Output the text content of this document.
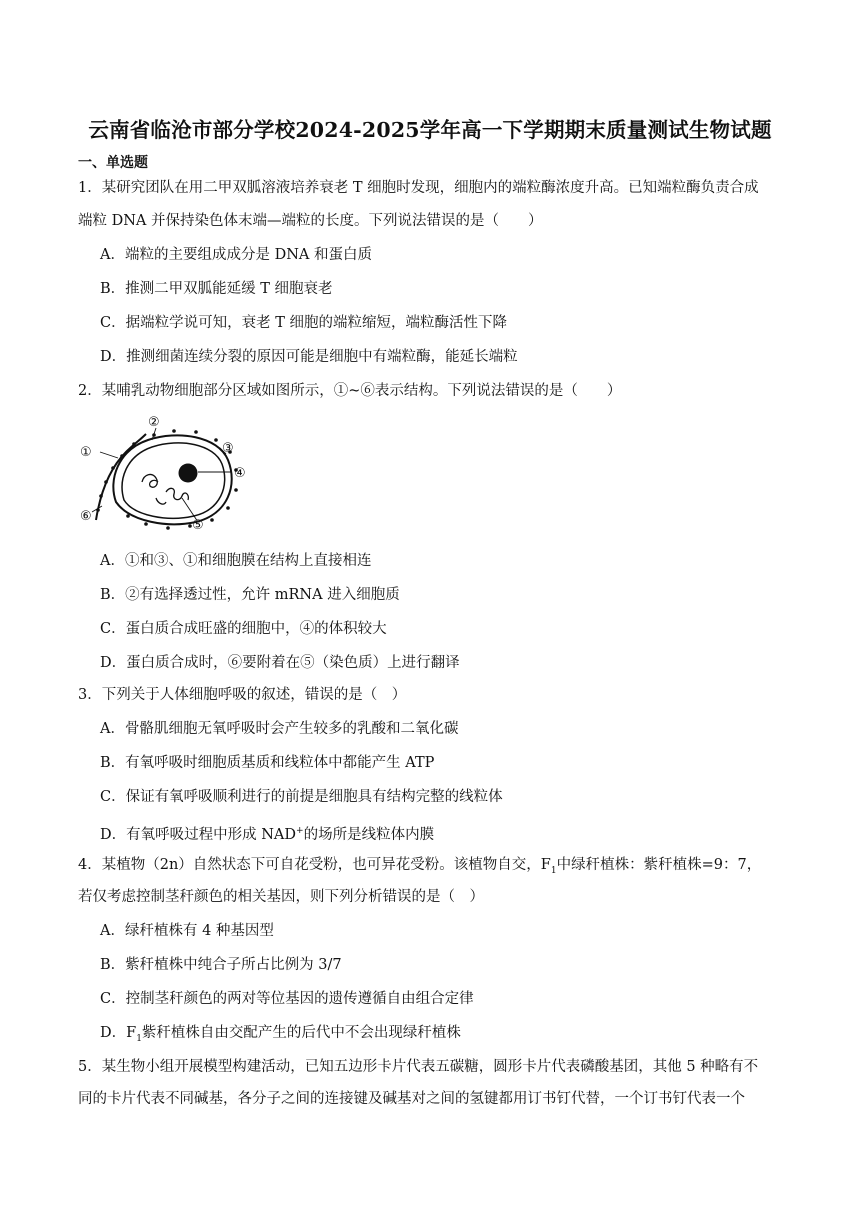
云南省临沧市部分学校2024-2025学年高一下学期期末质量测试生物试题
一、单选题
1．某研究团队在用二甲双胍溶液培养衰老 T 细胞时发现，细胞内的端粒酶浓度升高。已知端粒酶负责合成
端粒 DNA 并保持染色体末端—端粒的长度。下列说法错误的是（　　）
A．端粒的主要组成成分是 DNA 和蛋白质
B．推测二甲双胍能延缓 T 细胞衰老
C．据端粒学说可知，衰老 T 细胞的端粒缩短，端粒酶活性下降
D．推测细菌连续分裂的原因可能是细胞中有端粒酶，能延长端粒
2．某哺乳动物细胞部分区域如图所示，①~⑥表示结构。下列说法错误的是（　　）
①
②
③
④
⑤
⑥
A．①和③、①和细胞膜在结构上直接相连
B．②有选择透过性，允许 mRNA 进入细胞质
C．蛋白质合成旺盛的细胞中，④的体积较大
D．蛋白质合成时，⑥要附着在⑤（染色质）上进行翻译
3．下列关于人体细胞呼吸的叙述，错误的是（　）
A．骨骼肌细胞无氧呼吸时会产生较多的乳酸和二氧化碳
B．有氧呼吸时细胞质基质和线粒体中都能产生 ATP
C．保证有氧呼吸顺利进行的前提是细胞具有结构完整的线粒体
D．有氧呼吸过程中形成 NAD+的场所是线粒体内膜
4．某植物（2n）自然状态下可自花受粉，也可异花受粉。该植物自交，$F_1$中绿秆植株：紫秆植株=9：7，
若仅考虑控制茎秆颜色的相关基因，则下列分析错误的是（　）
A．绿秆植株有 4 种基因型
B．紫秆植株中纯合子所占比例为 3/7
C．控制茎秆颜色的两对等位基因的遗传遵循自由组合定律
D．$F_1$紫秆植株自由交配产生的后代中不会出现绿秆植株
5．某生物小组开展模型构建活动，已知五边形卡片代表五碳糖，圆形卡片代表磷酸基团，其他 5 种略有不
同的卡片代表不同碱基，各分子之间的连接键及碱基对之间的氢键都用订书钉代替，一个订书钉代表一个
